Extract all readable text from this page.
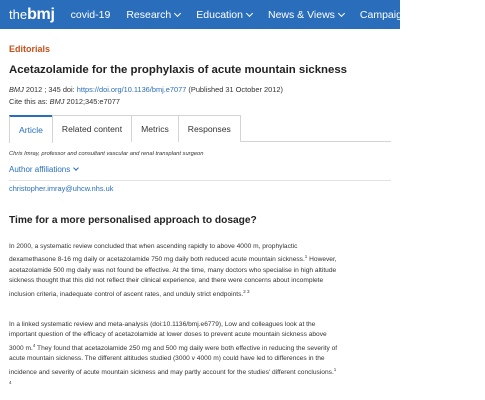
thebmj covid-19 Research Education News & Views Campaigns Jobs
Editorials
Acetazolamide for the prophylaxis of acute mountain sickness
BMJ 2012 ; 345 doi: https://doi.org/10.1136/bmj.e7077 (Published 31 October 2012)
Cite this as: BMJ 2012;345:e7077
Article	Related content	Metrics	Responses
Chris Imray, professor and consultant vascular and renal transplant surgeon
Author affiliations
christopher.imray@uhcw.nhs.uk
Time for a more personalised approach to dosage?
In 2000, a systematic review concluded that when ascending rapidly to above 4000 m, prophylactic
dexamethasone 8-16 mg daily or acetazolamide 750 mg daily both reduced acute mountain sickness.$^1$ However,
acetazolamide 500 mg daily was not found be effective. At the time, many doctors who specialise in high altitude
sickness thought that this did not reflect their clinical experience, and there were concerns about incomplete
inclusion criteria, inadequate control of ascent rates, and unduly strict endpoints.$^{2 3}$
In a linked systematic review and meta-analysis (doi:10.1136/bmj.e6779), Low and colleagues look at the
important question of the efficacy of acetazolamide at lower doses to prevent acute mountain sickness above
3000 m.$^4$ They found that acetazolamide 250 mg and 500 mg daily were both effective in reducing the severity of
acute mountain sickness. The different altitudes studied (3000 v 4000 m) could have led to differences in the
incidence and severity of acute mountain sickness and may partly account for the studies' different conclusions.$^1$
$^4$
